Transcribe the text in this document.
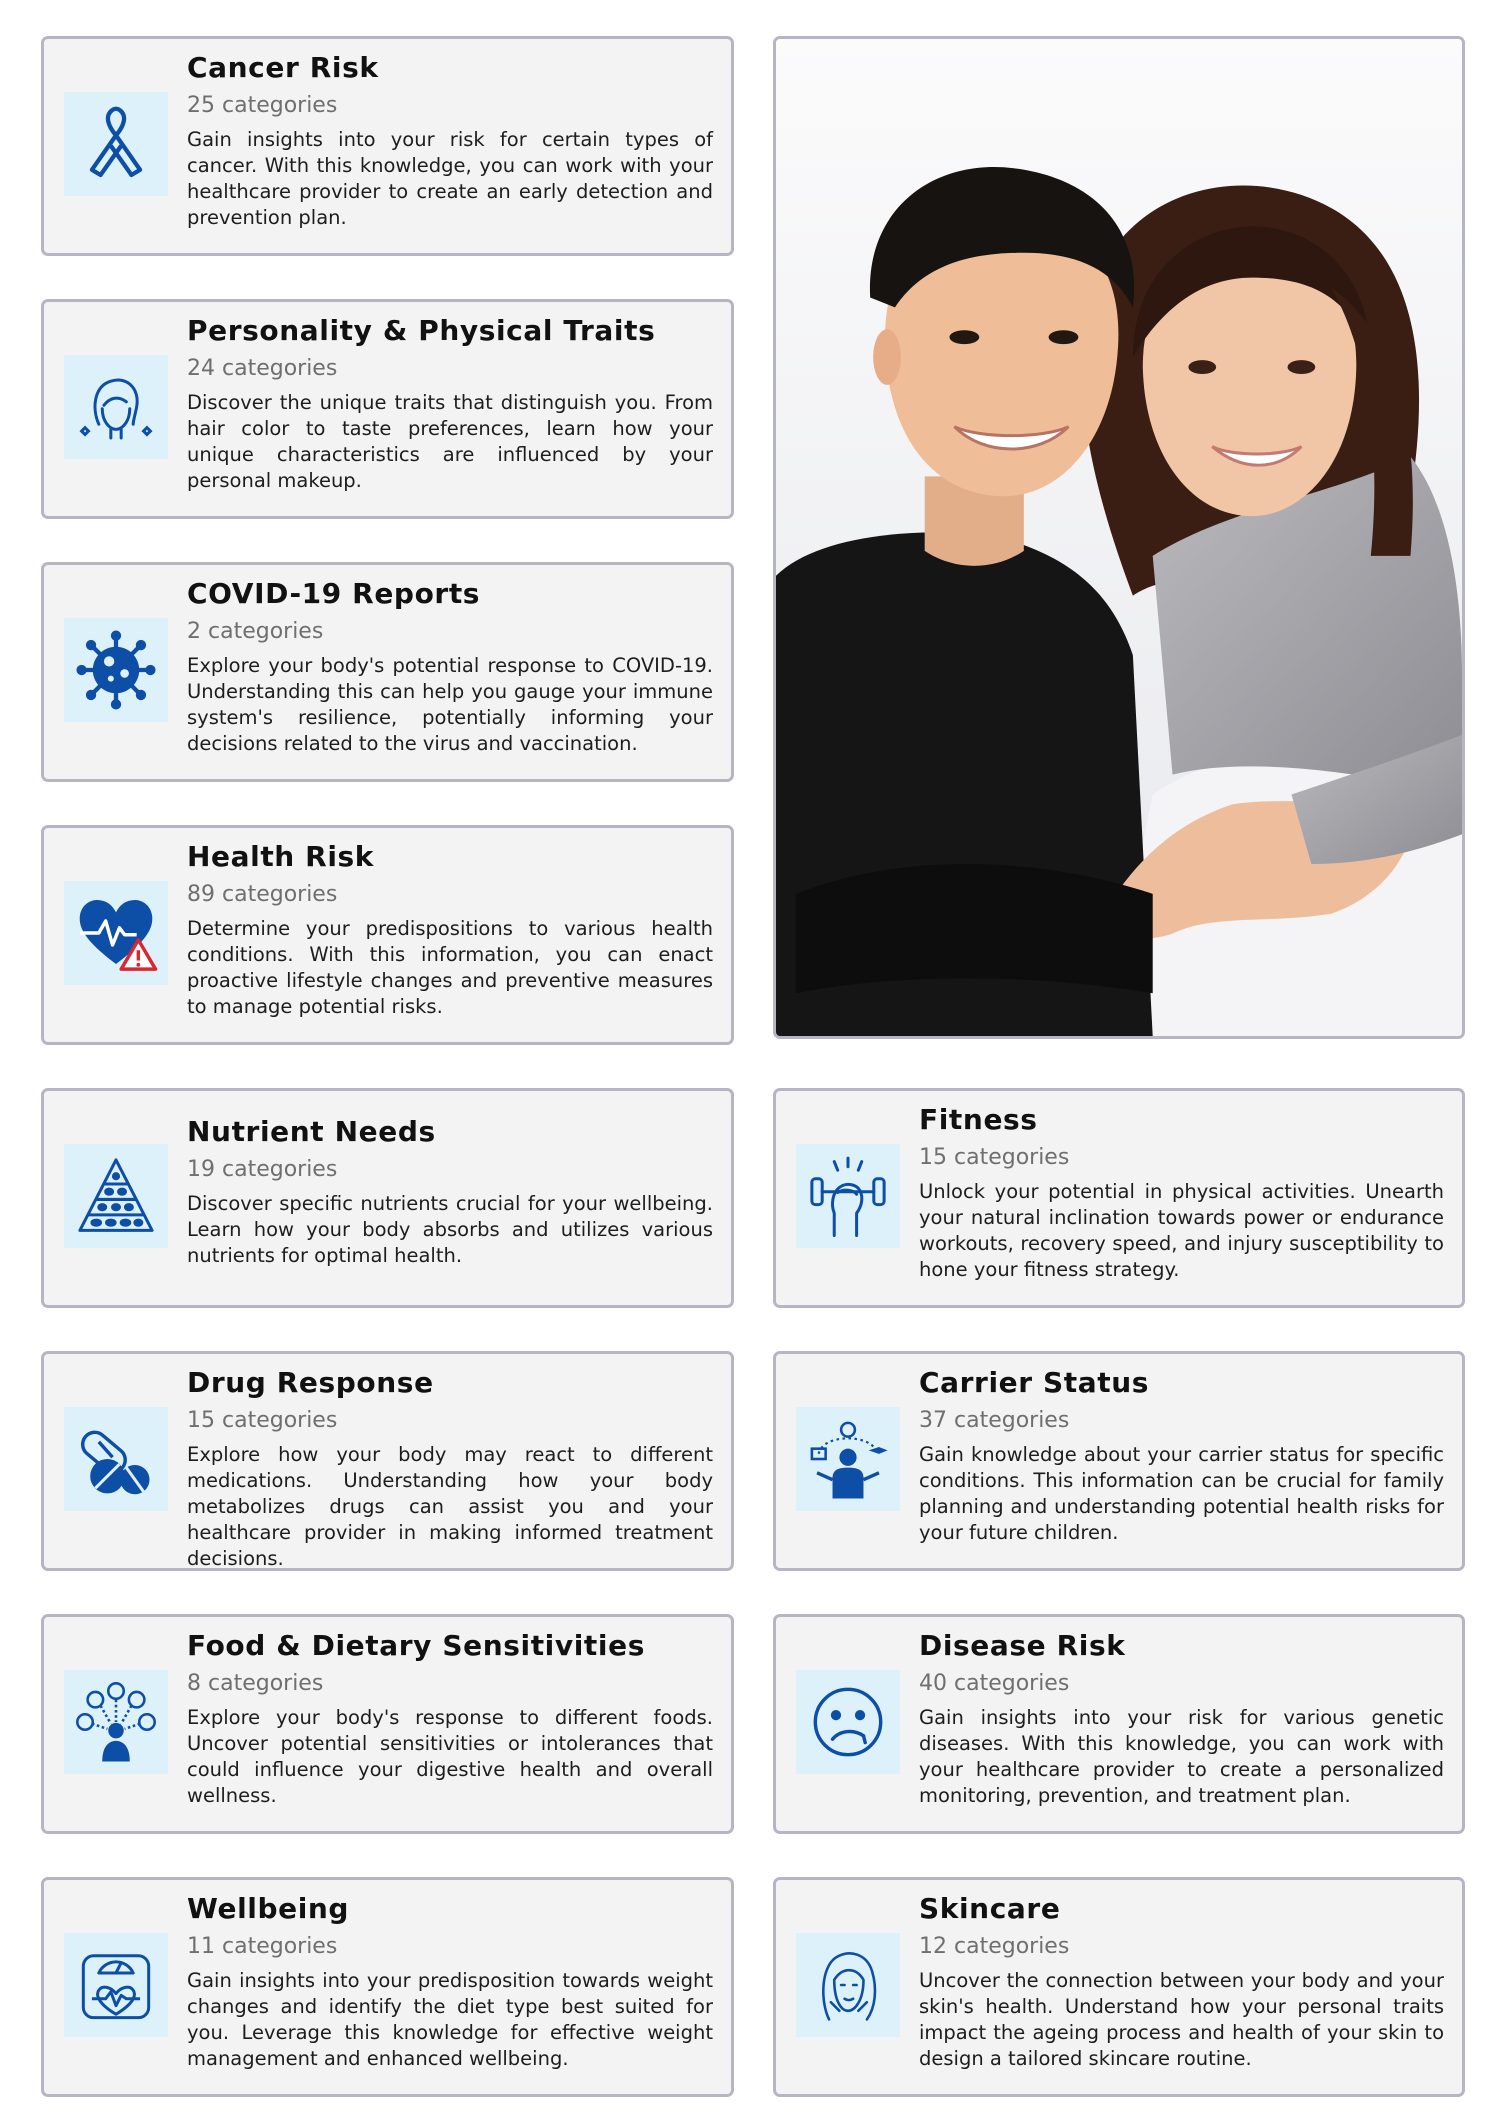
Cancer Risk
25 categories
Gain insights into your risk for certain types of cancer. With this knowledge, you can work with your healthcare provider to create an early detection and prevention plan.
Personality & Physical Traits
24 categories
Discover the unique traits that distinguish you. From hair color to taste preferences, learn how your unique characteristics are influenced by your personal makeup.
COVID-19 Reports
2 categories
Explore your body's potential response to COVID-19. Understanding this can help you gauge your immune system's resilience, potentially informing your decisions related to the virus and vaccination.
Health Risk
89 categories
Determine your predispositions to various health conditions. With this information, you can enact proactive lifestyle changes and preventive measures to manage potential risks.
Nutrient Needs
19 categories
Discover specific nutrients crucial for your wellbeing. Learn how your body absorbs and utilizes various nutrients for optimal health.
Drug Response
15 categories
Explore how your body may react to different medications. Understanding how your body metabolizes drugs can assist you and your healthcare provider in making informed treatment decisions.
Food & Dietary Sensitivities
8 categories
Explore your body's response to different foods. Uncover potential sensitivities or intolerances that could influence your digestive health and overall wellness.
Wellbeing
11 categories
Gain insights into your predisposition towards weight changes and identify the diet type best suited for you. Leverage this knowledge for effective weight management and enhanced wellbeing.
Fitness
15 categories
Unlock your potential in physical activities. Unearth your natural inclination towards power or endurance workouts, recovery speed, and injury susceptibility to hone your fitness strategy.
Carrier Status
37 categories
Gain knowledge about your carrier status for specific conditions. This information can be crucial for family planning and understanding potential health risks for your future children.
Disease Risk
40 categories
Gain insights into your risk for various genetic diseases. With this knowledge, you can work with your healthcare provider to create a personalized monitoring, prevention, and treatment plan.
Skincare
12 categories
Uncover the connection between your body and your skin's health. Understand how your personal traits impact the ageing process and health of your skin to design a tailored skincare routine.
